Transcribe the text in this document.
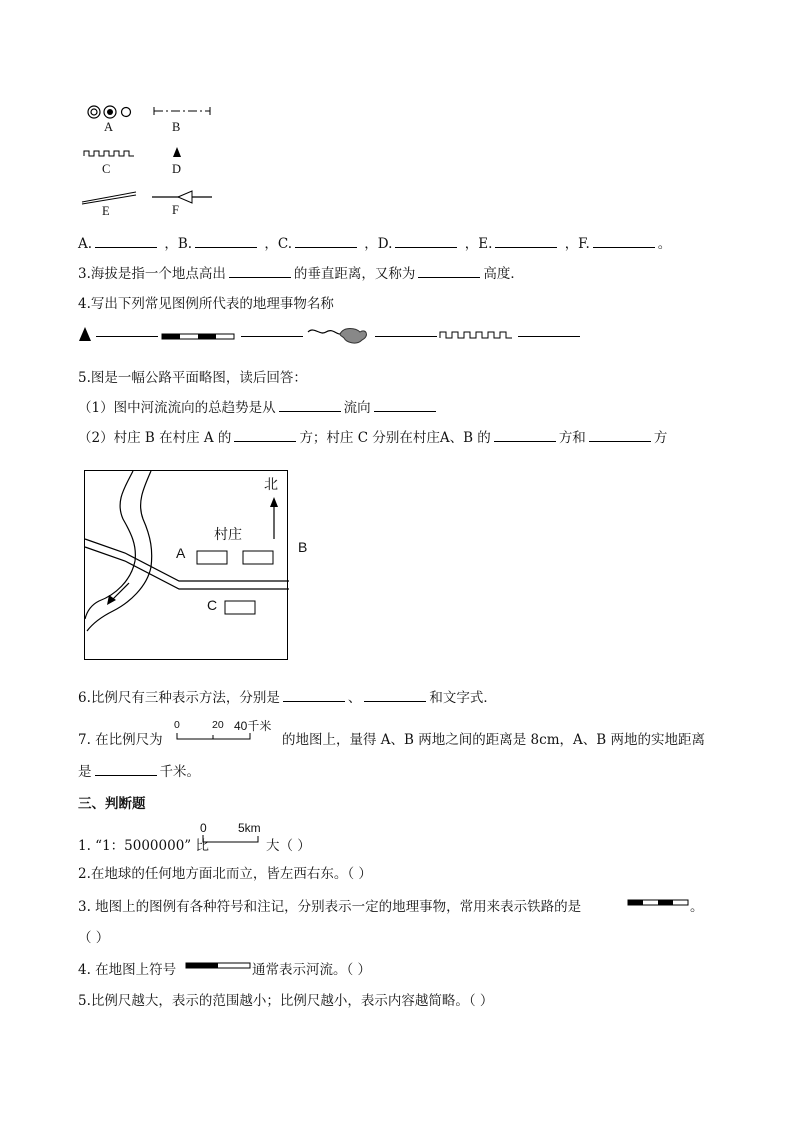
A	B
C	D
E	F
A.	，B.	，C.	，D.	，E.	，F.	。
3.海拔是指一个地点高出	的垂直距离，又称为	高度．
4.写出下列常见图例所代表的地理事物名称
5.图是一幅公路平面略图，读后回答：
（1）图中河流流向的总趋势是从	流向
（2）村庄 B 在村庄 A 的	方；村庄 C 分别在村庄A、B 的	方和	方
北
村庄
A	B
C
6.比例尺有三种表示方法，分别是	、	和文字式．
7. 在比例尺为
0	20 40千米
的地图上，量得 A、B 两地之间的距离是 8cm，A、B 两地的实地距离
是	千米。
三、判断题
1. “1：5000000” 比
0	5km
大（ ）
2.在地球的任何地方面北而立，皆左西右东。（ ）
3. 地图上的图例有各种符号和注记，分别表示一定的地理事物，常用来表示铁路的是	。
（ ）
4. 在地图上符号	通常表示河流。（ ）
5.比例尺越大，表示的范围越小；比例尺越小，表示内容越简略。（ ）
